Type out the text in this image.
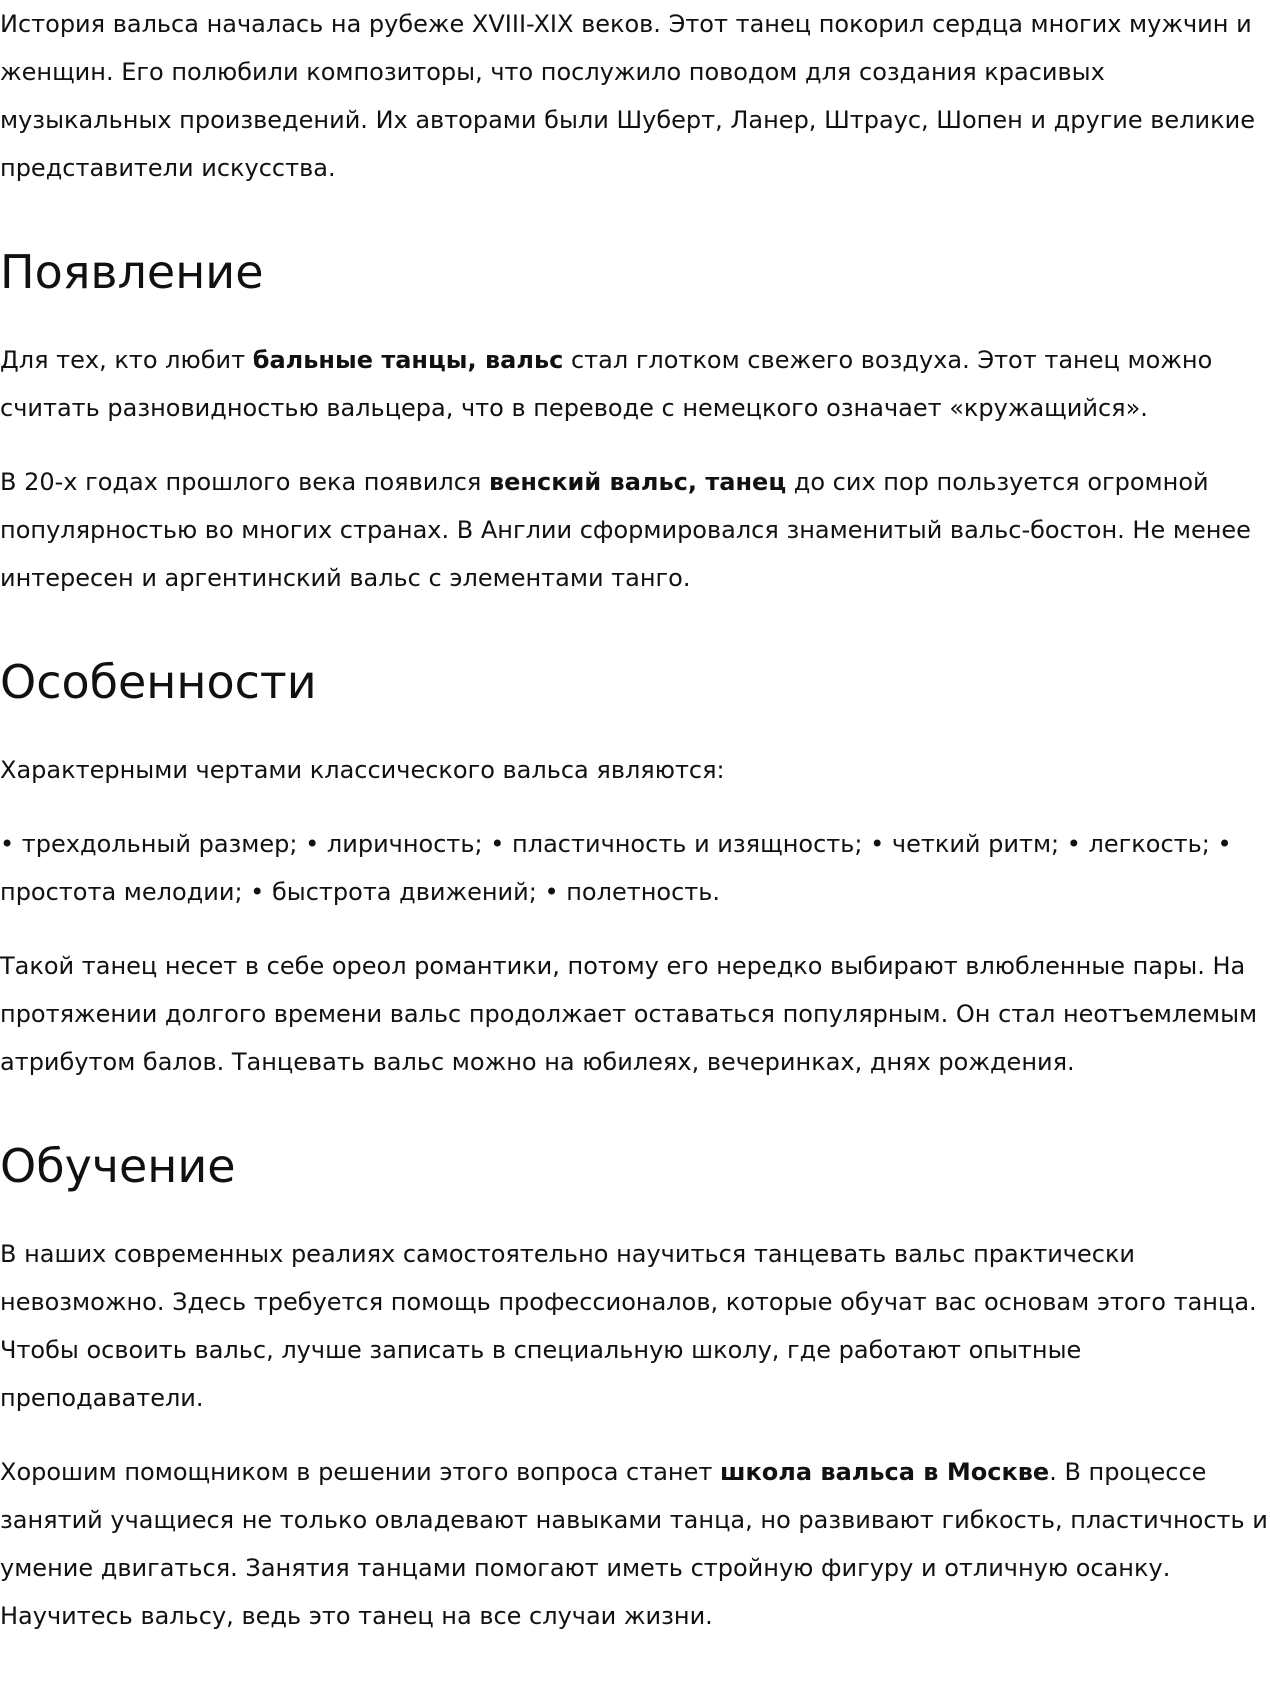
История вальса началась на рубеже XVIII-XIX веков. Этот танец покорил сердца многих мужчин и женщин. Его полюбили композиторы, что послужило поводом для создания красивых музыкальных произведений. Их авторами были Шуберт, Ланер, Штраус, Шопен и другие великие представители искусства.

Появление

Для тех, кто любит бальные танцы, вальс стал глотком свежего воздуха. Этот танец можно считать разновидностью вальцера, что в переводе с немецкого означает «кружащийся».

В 20-х годах прошлого века появился венский вальс, танец до сих пор пользуется огромной популярностью во многих странах. В Англии сформировался знаменитый вальс-бостон. Не менее интересен и аргентинский вальс с элементами танго.

Особенности

Характерными чертами классического вальса являются:

• трехдольный размер; • лиричность; • пластичность и изящность; • четкий ритм; • легкость; • простота мелодии; • быстрота движений; • полетность.

Такой танец несет в себе ореол романтики, потому его нередко выбирают влюбленные пары. На протяжении долгого времени вальс продолжает оставаться популярным. Он стал неотъемлемым атрибутом балов. Танцевать вальс можно на юбилеях, вечеринках, днях рождения.

Обучение

В наших современных реалиях самостоятельно научиться танцевать вальс практически невозможно. Здесь требуется помощь профессионалов, которые обучат вас основам этого танца. Чтобы освоить вальс, лучше записать в специальную школу, где работают опытные преподаватели.

Хорошим помощником в решении этого вопроса станет школа вальса в Москве. В процессе занятий учащиеся не только овладевают навыками танца, но развивают гибкость, пластичность и умение двигаться. Занятия танцами помогают иметь стройную фигуру и отличную осанку. Научитесь вальсу, ведь это танец на все случаи жизни.
